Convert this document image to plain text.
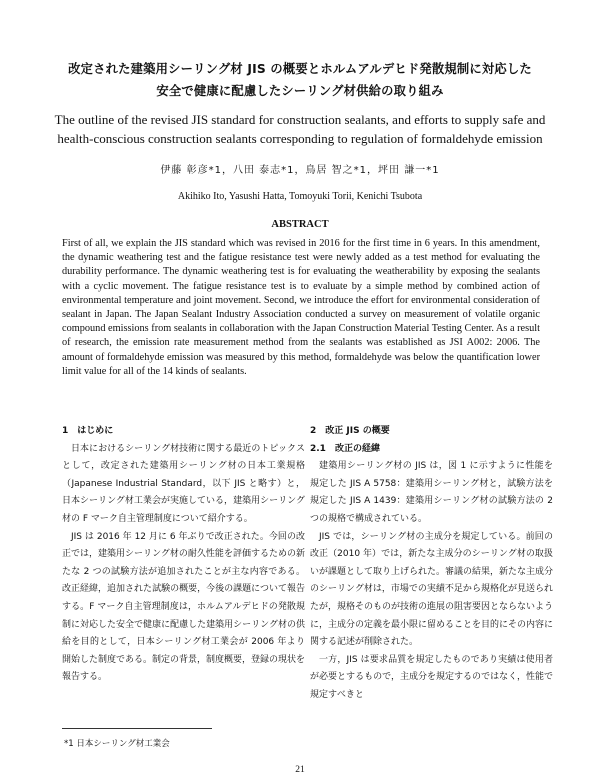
改定された建築用シーリング材 JIS の概要とホルムアルデヒド発散規制に対応した
安全で健康に配慮したシーリング材供給の取り組み
The outline of the revised JIS standard for construction sealants, and efforts to supply safe and
health-conscious construction sealants corresponding to regulation of formaldehyde emission
伊藤 彰彦*1，八田 泰志*1，鳥居 智之*1，坪田 謙一*1
Akihiko Ito, Yasushi Hatta, Tomoyuki Torii, Kenichi Tsubota
ABSTRACT

First of all, we explain the JIS standard which was revised in 2016 for the first time in 6 years. In this amendment, the dynamic weathering test and the fatigue resistance test were newly added as a test method for evaluating the durability performance. The dynamic weathering test is for evaluating the weatherability by exposing the sealants with a cyclic movement. The fatigue resistance test is to evaluate by a simple method by combined action of environmental temperature and joint movement. Second, we introduce the effort for environmental consideration of sealant in Japan. The Japan Sealant Industry Association conducted a survey on measurement of volatile organic compound emissions from sealants in collaboration with the Japan Construction Material Testing Center. As a result of research, the emission rate measurement method from the sealants was established as JSI A002: 2006. The amount of formaldehyde emission was measured by this method, formaldehyde was below the quantification lower limit value for all of the 14 kinds of sealants.

1　はじめに

日本におけるシーリング材技術に関する最近のトピックスとして，改定された建築用シーリング材の日本工業規格（Japanese Industrial Standard，以下 JIS と略す）と，日本シーリング材工業会が実施している，建築用シーリング材の F マーク自主管理制度について紹介する。

JIS は 2016 年 12 月に 6 年ぶりで改正された。今回の改正では，建築用シーリング材の耐久性能を評価するための新たな 2 つの試験方法が追加されたことが主な内容である。改正経緯，追加された試験の概要，今後の課題について報告する。F マーク自主管理制度は，ホルムアルデヒドの発散規制に対応した安全で健康に配慮した建築用シーリング材の供給を目的として，日本シーリング材工業会が 2006 年より開始した制度である。制定の背景，制度概要，登録の現状を報告する。

2　改正 JIS の概要

2.1　改正の経緯

建築用シーリング材の JIS は，図 1 に示すように性能を規定した JIS A 5758：建築用シーリング材と，試験方法を規定した JIS A 1439：建築用シーリング材の試験方法の 2 つの規格で構成されている。

JIS では，シーリング材の主成分を規定している。前回の改正（2010 年）では，新たな主成分のシーリング材の取扱いが課題として取り上げられた。審議の結果，新たな主成分のシーリング材は，市場での実績不足から規格化が見送られたが，規格そのものが技術の進展の阻害要因とならないように，主成分の定義を最小限に留めることを目的にその内容に関する記述が削除された。

一方，JIS は要求品質を規定したものであり実績は使用者が必要とするもので，主成分を規定するのではなく，性能で規定すべきと

*1 日本シーリング材工業会
21
